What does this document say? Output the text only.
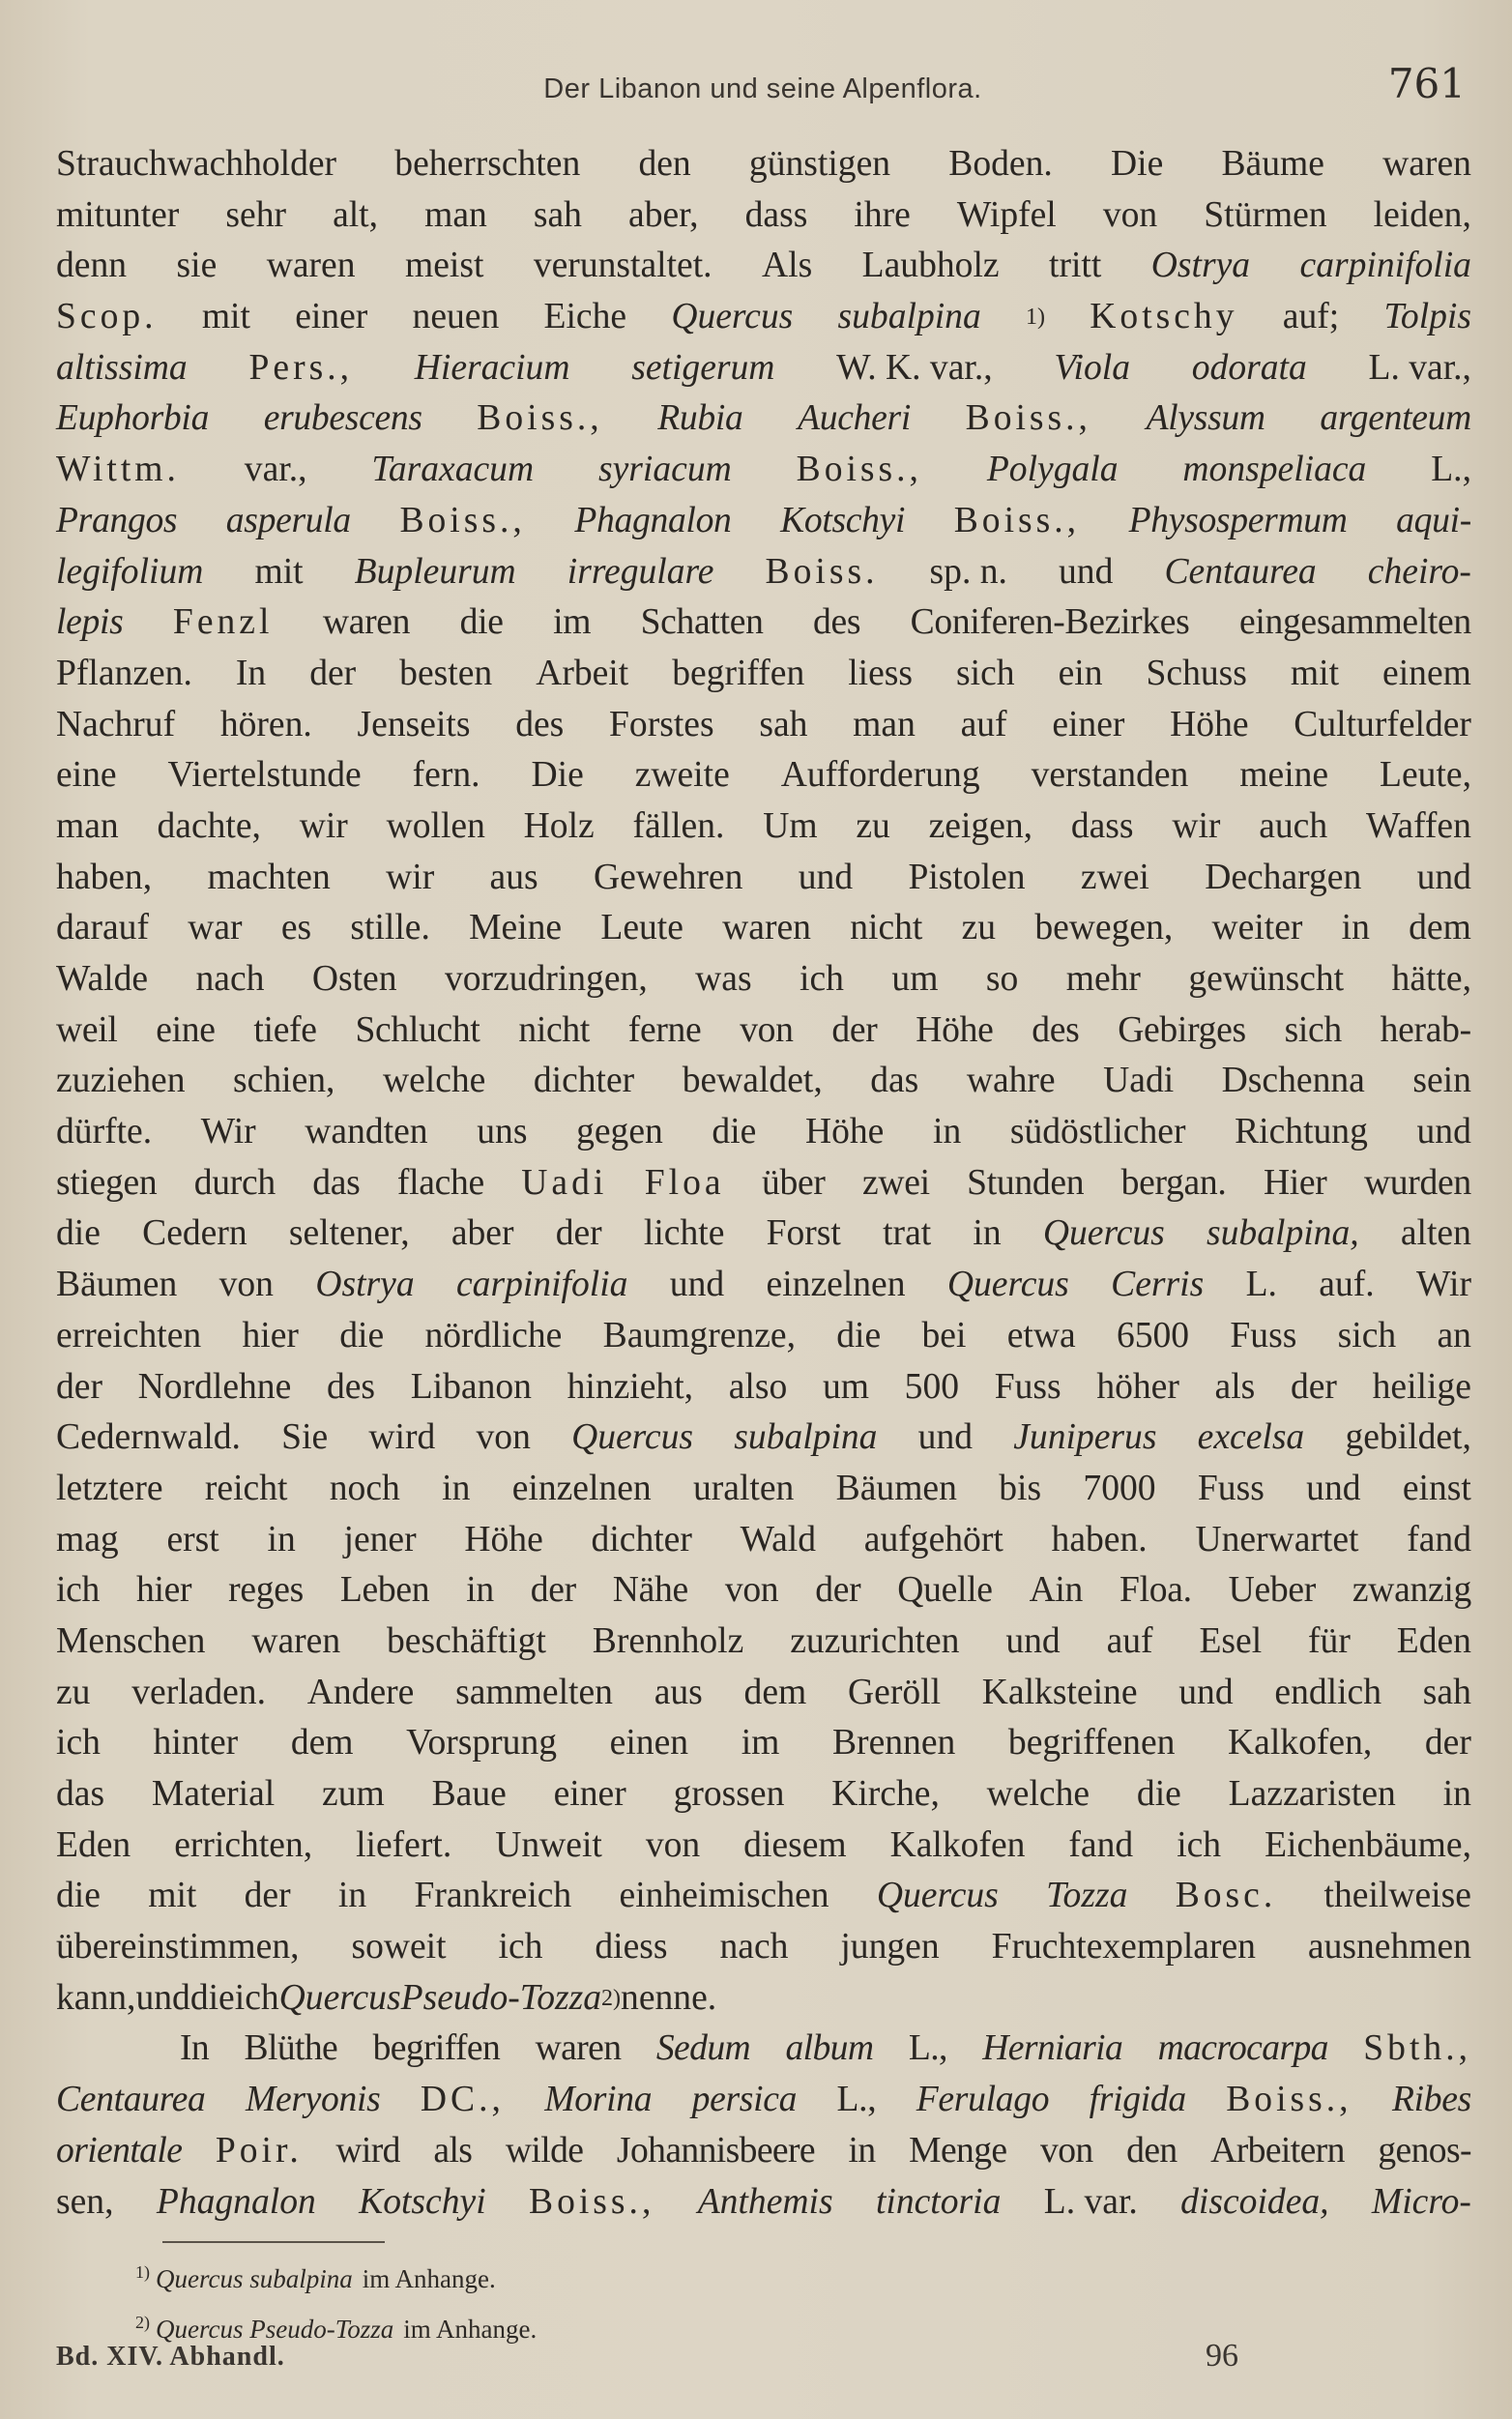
Der Libanon und seine Alpenflora.	761
Strauchwachholder beherrschten den günstigen Boden. Die Bäume waren
mitunter sehr alt, man sah aber, dass ihre Wipfel von Stürmen leiden,
denn sie waren meist verunstaltet. Als Laubholz tritt Ostrya carpinifolia
Scop. mit einer neuen Eiche Quercus subalpina 1) Kotschy auf; Tolpis
altissima Pers., Hieracium setigerum W. K. var., Viola odorata L. var.,
Euphorbia erubescens Boiss., Rubia Aucheri Boiss., Alyssum argenteum
Wittm. var., Taraxacum syriacum Boiss., Polygala monspeliaca L.,
Prangos asperula Boiss., Phagnalon Kotschyi Boiss., Physospermum aqui-
legifolium mit Bupleurum irregulare Boiss. sp. n. und Centaurea cheiro-
lepis Fenzl waren die im Schatten des Coniferen-Bezirkes eingesammelten
Pflanzen. In der besten Arbeit begriffen liess sich ein Schuss mit einem
Nachruf hören. Jenseits des Forstes sah man auf einer Höhe Culturfelder
eine Viertelstunde fern. Die zweite Aufforderung verstanden meine Leute,
man dachte, wir wollen Holz fällen. Um zu zeigen, dass wir auch Waffen
haben, machten wir aus Gewehren und Pistolen zwei Dechargen und
darauf war es stille. Meine Leute waren nicht zu bewegen, weiter in dem
Walde nach Osten vorzudringen, was ich um so mehr gewünscht hätte,
weil eine tiefe Schlucht nicht ferne von der Höhe des Gebirges sich herab-
zuziehen schien, welche dichter bewaldet, das wahre Uadi Dschenna sein
dürfte. Wir wandten uns gegen die Höhe in südöstlicher Richtung und
stiegen durch das flache Uadi Floa über zwei Stunden bergan. Hier wurden
die Cedern seltener, aber der lichte Forst trat in Quercus subalpina, alten
Bäumen von Ostrya carpinifolia und einzelnen Quercus Cerris L. auf. Wir
erreichten hier die nördliche Baumgrenze, die bei etwa 6500 Fuss sich an
der Nordlehne des Libanon hinzieht, also um 500 Fuss höher als der heilige
Cedernwald. Sie wird von Quercus subalpina und Juniperus excelsa gebildet,
letztere reicht noch in einzelnen uralten Bäumen bis 7000 Fuss und einst
mag erst in jener Höhe dichter Wald aufgehört haben. Unerwartet fand
ich hier reges Leben in der Nähe von der Quelle Ain Floa. Ueber zwanzig
Menschen waren beschäftigt Brennholz zuzurichten und auf Esel für Eden
zu verladen. Andere sammelten aus dem Geröll Kalksteine und endlich sah
ich hinter dem Vorsprung einen im Brennen begriffenen Kalkofen, der
das Material zum Baue einer grossen Kirche, welche die Lazzaristen in
Eden errichten, liefert. Unweit von diesem Kalkofen fand ich Eichenbäume,
die mit der in Frankreich einheimischen Quercus Tozza Bosc. theilweise
übereinstimmen, soweit ich diess nach jungen Fruchtexemplaren ausnehmen
kann, und die ich Quercus Pseudo-Tozza 2) nenne.
In Blüthe begriffen waren Sedum album L., Herniaria macrocarpa Sbth.,
Centaurea Meryonis DC., Morina persica L., Ferulago frigida Boiss., Ribes
orientale Poir. wird als wilde Johannisbeere in Menge von den Arbeitern genos-
sen, Phagnalon Kotschyi Boiss., Anthemis tinctoria L. var. discoidea, Micro-
$^{1)}$ Quercus subalpina im Anhange.
$^{2)}$ Quercus Pseudo-Tozza im Anhange.
Bd. XIV. Abhandl.	96
